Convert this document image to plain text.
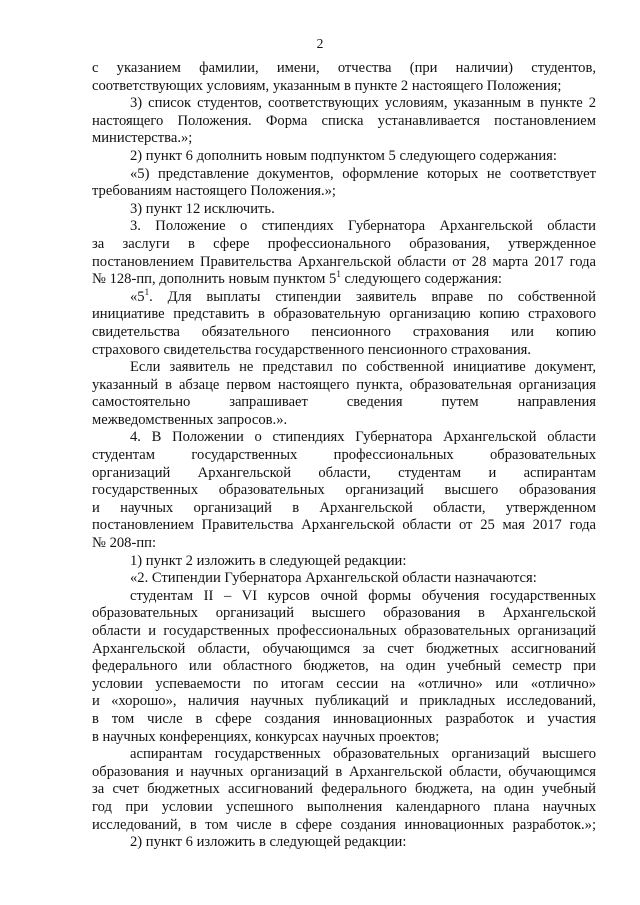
2
с указанием фамилии, имени, отчества (при наличии) студентов,
соответствующих условиям, указанным в пункте 2 настоящего Положения;
3) список студентов, соответствующих условиям, указанным в пункте 2
настоящего Положения. Форма списка устанавливается постановлением
министерства.»;
2) пункт 6 дополнить новым подпунктом 5 следующего содержания:
«5) представление документов, оформление которых не соответствует
требованиям настоящего Положения.»;
3) пункт 12 исключить.
3. Положение о стипендиях Губернатора Архангельской области
за заслуги в сфере профессионального образования, утвержденное
постановлением Правительства Архангельской области от 28 марта 2017 года
№ 128-пп, дополнить новым пунктом $5^1$ следующего содержания:
«$5^1$. Для выплаты стипендии заявитель вправе по собственной
инициативе представить в образовательную организацию копию страхового
свидетельства обязательного пенсионного страхования или копию
страхового свидетельства государственного пенсионного страхования.
Если заявитель не представил по собственной инициативе документ,
указанный в абзаце первом настоящего пункта, образовательная организация
самостоятельно запрашивает сведения путем направления
межведомственных запросов.».
4. В Положении о стипендиях Губернатора Архангельской области
студентам государственных профессиональных образовательных
организаций Архангельской области, студентам и аспирантам
государственных образовательных организаций высшего образования
и научных организаций в Архангельской области, утвержденном
постановлением Правительства Архангельской области от 25 мая 2017 года
№ 208-пп:
1) пункт 2 изложить в следующей редакции:
«2. Стипендии Губернатора Архангельской области назначаются:
студентам II – VI курсов очной формы обучения государственных
образовательных организаций высшего образования в Архангельской
области и государственных профессиональных образовательных организаций
Архангельской области, обучающимся за счет бюджетных ассигнований
федерального или областного бюджетов, на один учебный семестр при
условии успеваемости по итогам сессии на «отлично» или «отлично»
и «хорошо», наличия научных публикаций и прикладных исследований,
в том числе в сфере создания инновационных разработок и участия
в научных конференциях, конкурсах научных проектов;
аспирантам государственных образовательных организаций высшего
образования и научных организаций в Архангельской области, обучающимся
за счет бюджетных ассигнований федерального бюджета, на один учебный
год при условии успешного выполнения календарного плана научных
исследований, в том числе в сфере создания инновационных разработок.»;
2) пункт 6 изложить в следующей редакции:
